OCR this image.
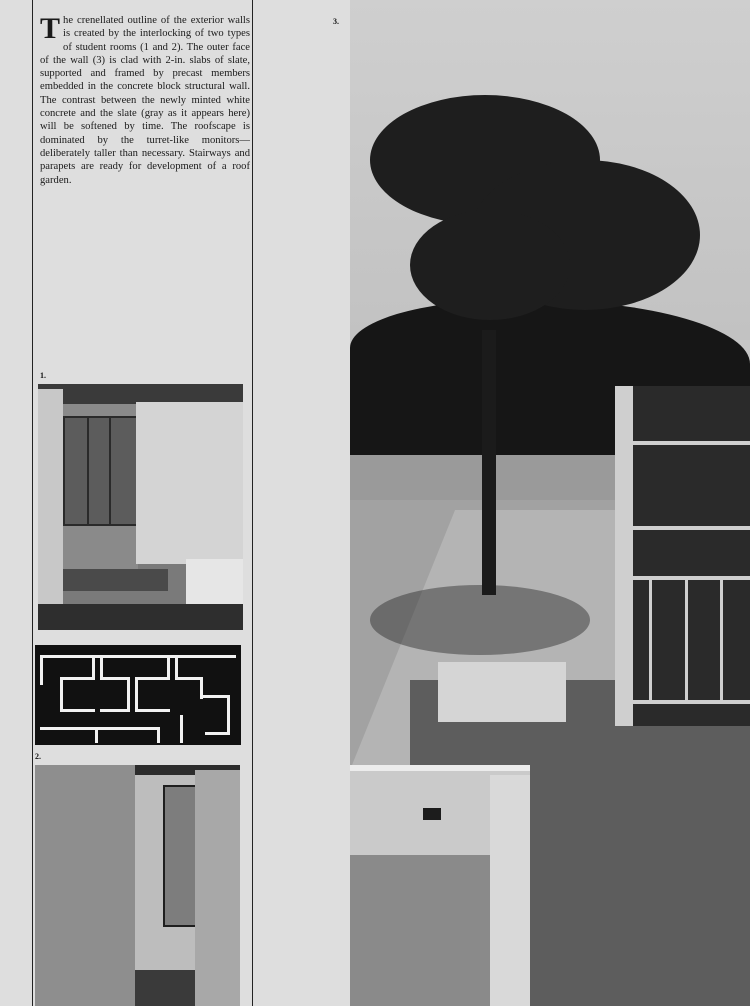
The crenellated outline of the exterior walls is created by the interlocking of two types of student rooms (1 and 2). The outer face of the wall (3) is clad with 2-in. slabs of slate, supported and framed by precast members embedded in the concrete block structural wall. The contrast between the newly minted white concrete and the slate (gray as it appears here) will be softened by time. The roofscape is dominated by the turret-like monitors—deliberately taller than necessary. Stairways and parapets are ready for development of a roof garden.

1.
2.
3.
